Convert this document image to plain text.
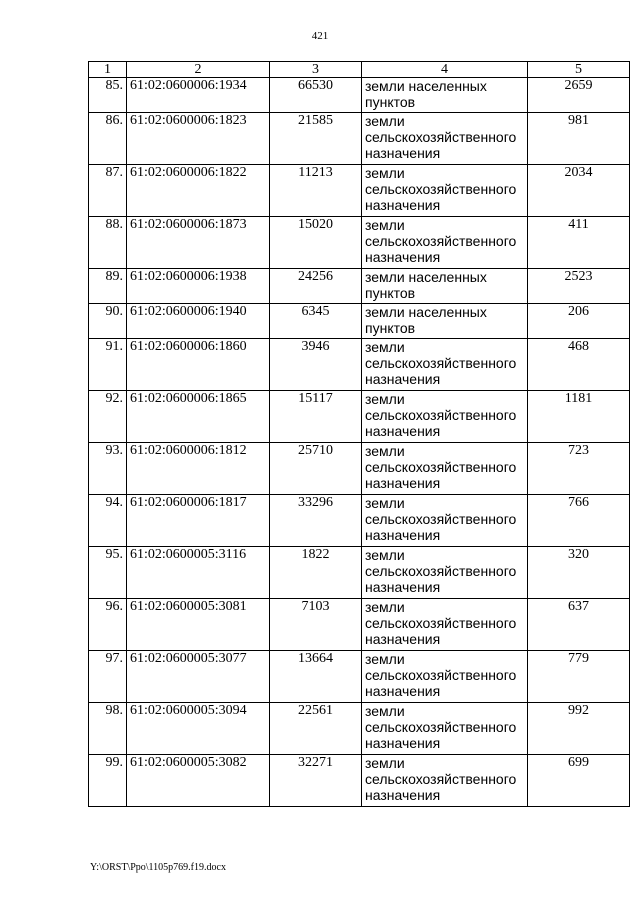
421
1	2	3	4	5
85.	61:02:0600006:1934	66530	земли населенных пунктов	2659
86.	61:02:0600006:1823	21585	земли сельскохозяйственного назначения	981
87.	61:02:0600006:1822	11213	земли сельскохозяйственного назначения	2034
88.	61:02:0600006:1873	15020	земли сельскохозяйственного назначения	411
89.	61:02:0600006:1938	24256	земли населенных пунктов	2523
90.	61:02:0600006:1940	6345	земли населенных пунктов	206
91.	61:02:0600006:1860	3946	земли сельскохозяйственного назначения	468
92.	61:02:0600006:1865	15117	земли сельскохозяйственного назначения	1181
93.	61:02:0600006:1812	25710	земли сельскохозяйственного назначения	723
94.	61:02:0600006:1817	33296	земли сельскохозяйственного назначения	766
95.	61:02:0600005:3116	1822	земли сельскохозяйственного назначения	320
96.	61:02:0600005:3081	7103	земли сельскохозяйственного назначения	637
97.	61:02:0600005:3077	13664	земли сельскохозяйственного назначения	779
98.	61:02:0600005:3094	22561	земли сельскохозяйственного назначения	992
99.	61:02:0600005:3082	32271	земли сельскохозяйственного назначения	699
Y:\ORST\Ppo\1105p769.f19.docx
